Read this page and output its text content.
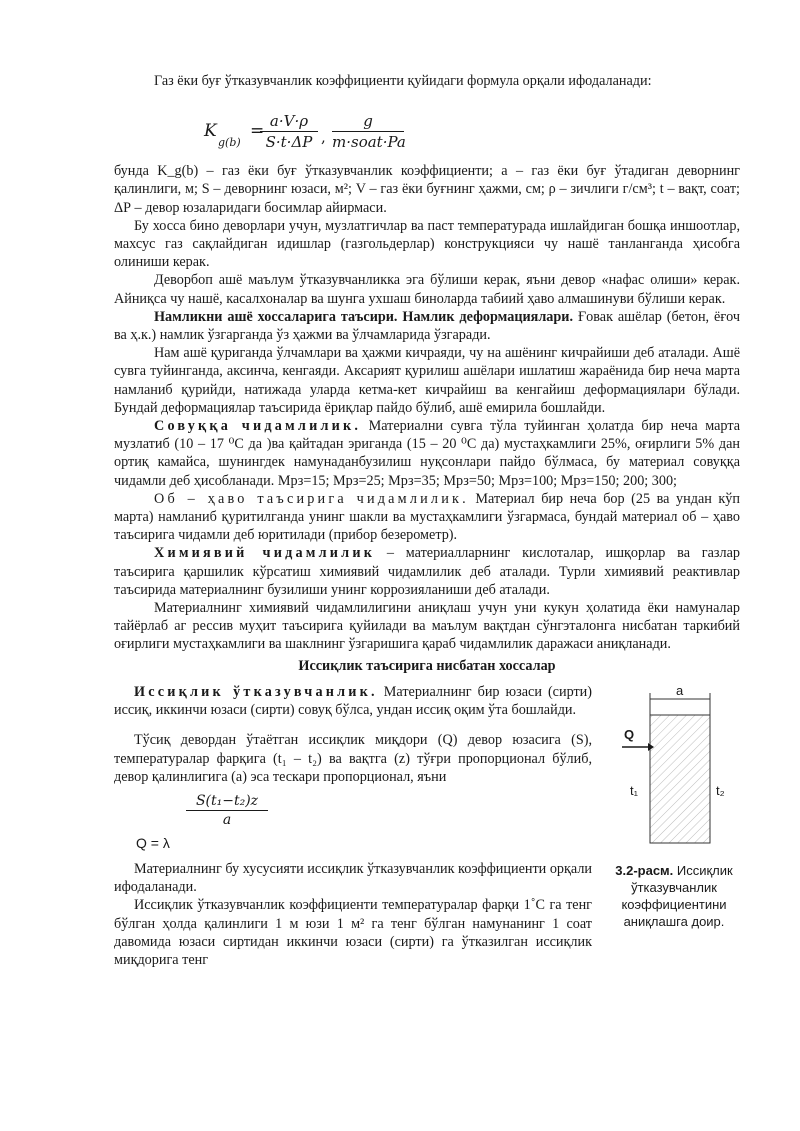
Газ ёки буғ ўтказувчанлик коэффициенти қуйидаги формула орқали ифодаланади:

K
g(b)
=
$\frac{a\cdot V\cdot\rho}{S\cdot t\cdot\Delta P}$ ,
g
m·soat·Pa

бунда K_g(b) – газ ёки буғ ўтказувчанлик коэффициенти; a – газ ёки буғ ўтадиган деворнинг қалинлиги, м; S – деворнинг юзаси, м²; V – газ ёки буғнинг ҳажми, см; ρ – зичлиги г/см³; t – вақт, соат; ΔР – девор юзаларидаги босимлар айирмаси.

Бу хосса бино деворлари учун, музлатгичлар ва паст температурада ишлайдиган бошқа иншоотлар, махсус газ сақлайдиган идишлар (газгольдерлар) конструкцияси чу нашё танланганда ҳисобга олиниши керак.

Деворбоп ашё маълум ўтказувчанликка эга бўлиши керак, яъни девор «нафас олиши» керак. Айниқса чу нашё, касалхоналар ва шунга ухшаш биноларда табиий ҳаво алмашинуви бўлиши керак.

Намликни ашё хоссаларига таъсири. Намлик деформациялари. Ғовак ашёлар (бетон, ёғоч ва ҳ.к.) намлик ўзгарганда ўз ҳажми ва ўлчамларида ўзгаради.

Нам ашё қуриганда ўлчамлари ва ҳажми кичраяди, чу на ашёнинг кичрайиши деб аталади. Ашё сувга туйинганда, аксинча, кенгаяди. Аксарият қурилиш ашёлари ишлатиш жараёнида бир неча марта намланиб қурийди, натижада уларда кетма-кет кичрайиш ва кенгайиш деформациялари бўлади. Бундай деформациялар таъсирида ёриқлар пайдо бўлиб, ашё емирила бошлайди.

Совуққа чидамлилик. Материални сувга тўла туйинган ҳолатда бир неча марта музлатиб (10 – 17 ⁰С да )ва қайтадан эриганда (15 – 20 ⁰С да) мустаҳкамлиги 25%, оғирлиги 5% дан ортиқ камайса, шунингдек намунаданбузилиш нуқсонлари пайдо бўлмаса, бу материал совуққа чидамли деб ҳисобланади. Мрз=15; Мрз=25; Мрз=35; Мрз=50; Мрз=100; Мрз=150; 200; 300;

Об – ҳаво таъсирига чидамлилик. Материал бир неча бор (25 ва ундан кўп марта) намланиб қуритилганда унинг шакли ва мустаҳкамлиги ўзгармаса, бундай материал об – ҳаво таъсирига чидамли деб юритилади (прибор безерометр).

Химиявий чидамлилик – материалларнинг кислоталар, ишқорлар ва газлар таъсирига қаршилик кўрсатиш химиявий чидамлилик деб аталади. Турли химиявий реактивлар таъсирида материалнинг бузилиши унинг коррозияланиши деб аталади.

Материалнинг химиявий чидамлилигини аниқлаш учун уни кукун ҳолатида ёки намуналар тайёрлаб аг рессив муҳит таъсирига қуйилади ва маълум вақтдан сўнгэталонга нисбатан таркибий оғирлиги мустаҳкамлиги ва шаклнинг ўзгаришига қараб чидамлилик даражаси аниқланади.

Иссиқлик таъсирига нисбатан хоссалар

Иссиқлик ўтказувчанлик. Материалнинг бир юзаси (сирти) иссиқ, иккинчи юзаси (сирти) совуқ бўлса, ундан иссиқ оқим ўта бошлайди.

Тўсиқ девордан ўтаётган иссиқлик миқдори (Q) девор юзасига (S), температуралар фарқига (t₁ – t₂) ва вақтга (z) тўғри пропорционал бўлиб, девор қалинлигига (a) эса тескари пропорционал, яъни

Q = λ
$\frac{\text{S(t₁−t₂)z}}{a}$

Материалнинг бу хусусияти иссиқлик ўтказувчанлик коэффициенти орқали ифодаланади.

Иссиқлик ўтказувчанлик коэффициенти температуралар фарқи 1˚С га тенг бўлган ҳолда қалинлиги 1 м юзи 1 м² га тенг бўлган намунанинг 1 соат давомида юзаси сиртидан иккинчи юзаси (сирти) га ўтказилган иссиқлик миқдорига тенг

a
Q
t₁	t₂
3.2-расм. Иссиқлик ўтказувчанлик коэффициентини аниқлашга доир.
